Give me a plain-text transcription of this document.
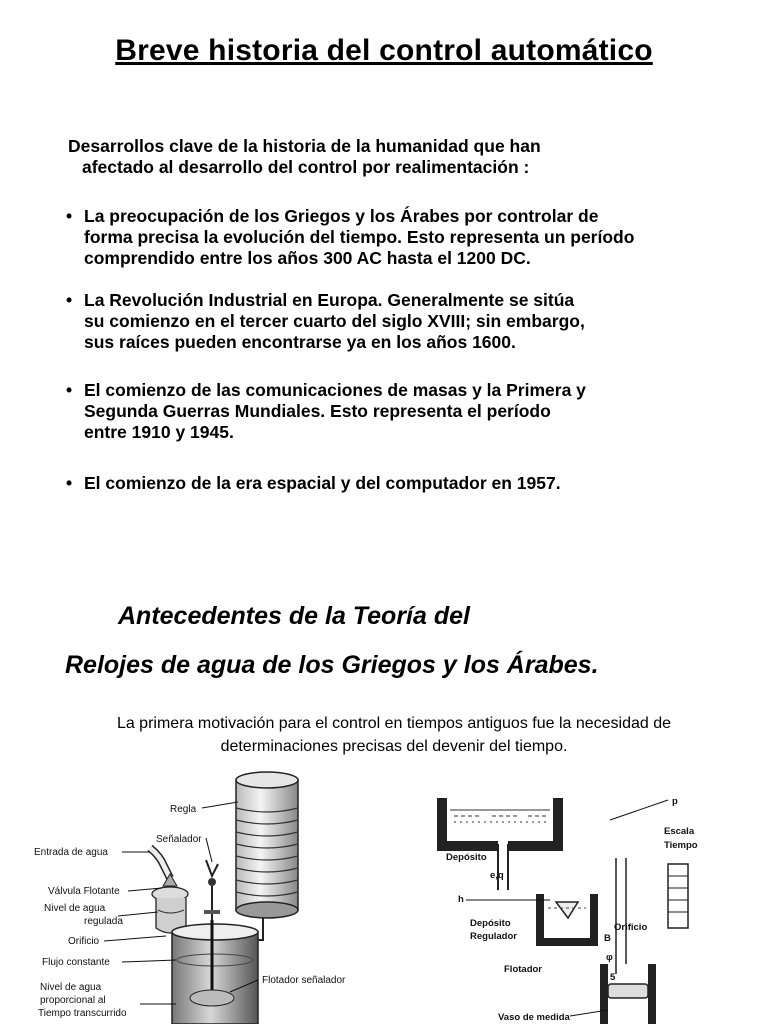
Breve historia del control automático
Desarrollos clave de la historia de la humanidad que han
afectado al desarrollo del control por realimentación :
• La preocupación de los Griegos y los Árabes por controlar de
forma precisa la evolución del tiempo. Esto representa un período
comprendido entre los años 300 AC hasta el 1200 DC.
• La Revolución Industrial en Europa. Generalmente se sitúa
su comienzo en el tercer cuarto del siglo XVIII; sin embargo,
sus raíces pueden encontrarse ya en los años 1600.
• El comienzo de las comunicaciones de masas y la Primera y
Segunda Guerras Mundiales. Esto representa el período
entre 1910 y 1945.
• El comienzo de la era espacial y del computador en 1957.
Antecedentes de la Teoría del
Relojes de agua de los Griegos y los Árabes.
La primera motivación para el control en tiempos antiguos fue la necesidad de
determinaciones precisas del devenir del tiempo.
Regla
Señalador
Entrada de agua
Válvula Flotante
Nivel de agua
regulada
Orificio
Flujo constante
Flotador señalador
Nivel de agua
proporcional al
Tiempo transcurrido
p
Escala
Tiempo
Depósito
e,q
h
Depósito
Regulador
Orificio
B
φ
Flotador
5
Vaso de medida
